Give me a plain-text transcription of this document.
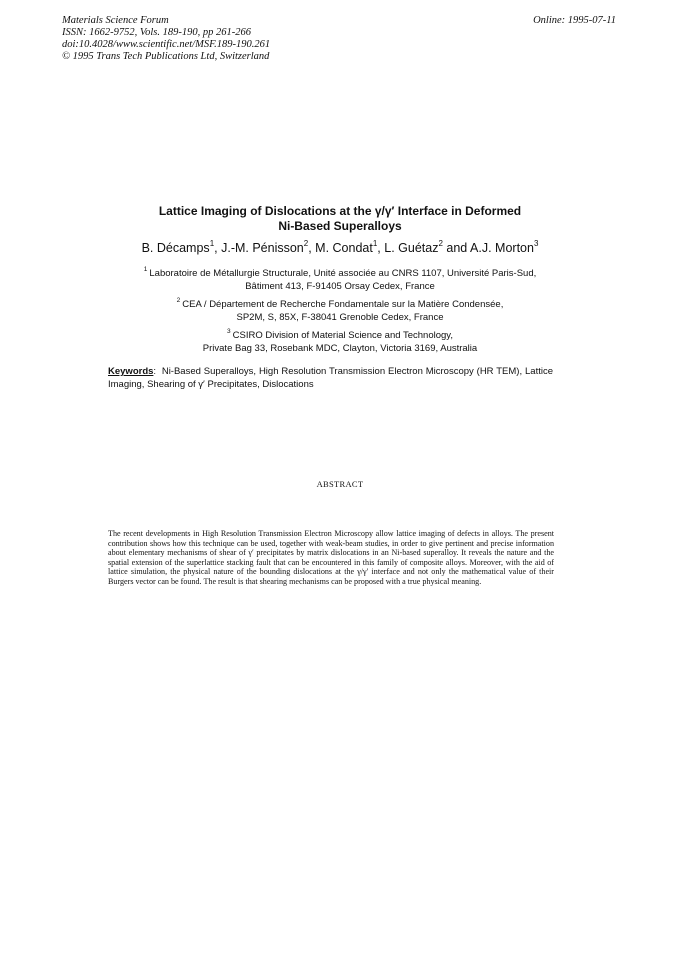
Materials Science Forum
ISSN: 1662-9752, Vols. 189-190, pp 261-266
doi:10.4028/www.scientific.net/MSF.189-190.261
© 1995 Trans Tech Publications Ltd, Switzerland
Online: 1995-07-11
Lattice Imaging of Dislocations at the γ/γ′ Interface in Deformed
Ni-Based Superalloys
B. Décamps$^1$, J.-M. Pénisson$^2$, M. Condat$^1$, L. Guétaz$^2$ and A.J. Morton$^3$
$^1$ Laboratoire de Métallurgie Structurale, Unité associée au CNRS 1107, Université Paris-Sud,
Bâtiment 413, F-91405 Orsay Cedex, France
$^2$ CEA / Département de Recherche Fondamentale sur la Matière Condensée,
SP2M, S, 85X, F-38041 Grenoble Cedex, France
$^3$ CSIRO Division of Material Science and Technology,
Private Bag 33, Rosebank MDC, Clayton, Victoria 3169, Australia
Keywords: Ni-Based Superalloys, High Resolution Transmission Electron Microscopy (HR TEM), Lattice Imaging, Shearing of γ′ Precipitates, Dislocations
ABSTRACT

The recent developments in High Resolution Transmission Electron Microscopy allow lattice imaging of defects in alloys. The present contribution shows how this technique can be used, together with weak-beam studies, in order to give pertinent and precise information about elementary mechanisms of shear of γ′ precipitates by matrix dislocations in an Ni-based superalloy. It reveals the nature and the spatial extension of the superlattice stacking fault that can be encountered in this family of composite alloys. Moreover, with the aid of lattice simulation, the physical nature of the bounding dislocations at the γ/γ′ interface and not only the mathematical value of their Burgers vector can be found. The result is that shearing mechanisms can be proposed with a true physical meaning.
